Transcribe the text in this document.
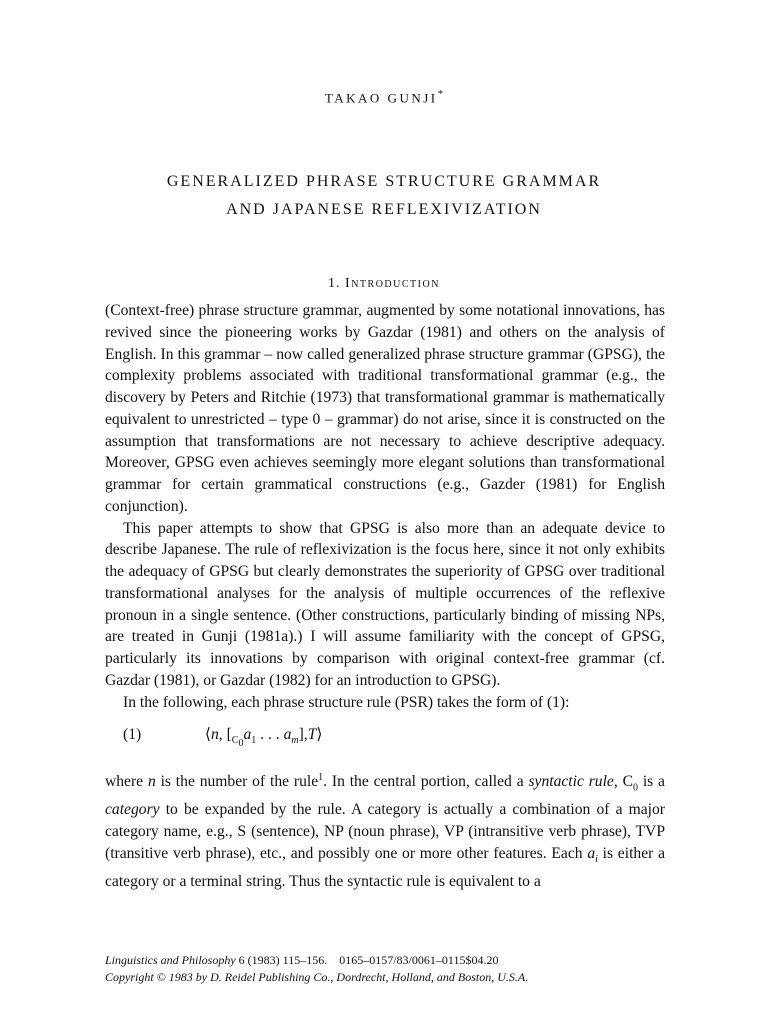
TAKAO GUNJI*
GENERALIZED PHRASE STRUCTURE GRAMMAR
AND JAPANESE REFLEXIVIZATION
1. Introduction

(Context-free) phrase structure grammar, augmented by some notational innovations, has revived since the pioneering works by Gazdar (1981) and others on the analysis of English. In this grammar – now called generalized phrase structure grammar (GPSG), the complexity problems associated with traditional transformational grammar (e.g., the discovery by Peters and Ritchie (1973) that transformational grammar is mathematically equivalent to unrestricted – type 0 – grammar) do not arise, since it is constructed on the assumption that transformations are not necessary to achieve descriptive adequacy. Moreover, GPSG even achieves seemingly more elegant solutions than transformational grammar for certain grammatical constructions (e.g., Gazder (1981) for English conjunction).

This paper attempts to show that GPSG is also more than an adequate device to describe Japanese. The rule of reflexivization is the focus here, since it not only exhibits the adequacy of GPSG but clearly demonstrates the superiority of GPSG over traditional transformational analyses for the analysis of multiple occurrences of the reflexive pronoun in a single sentence. (Other constructions, particularly binding of missing NPs, are treated in Gunji (1981a).) I will assume familiarity with the concept of GPSG, particularly its innovations by comparison with original context-free grammar (cf. Gazdar (1981), or Gazdar (1982) for an introduction to GPSG).

In the following, each phrase structure rule (PSR) takes the form of (1):

(1)	⟨n, [$_{C_0}a_1$ . . . $a_m],T⟩$

where n is the number of the rule$^1$. In the central portion, called a syntactic rule, $C_0$ is a category to be expanded by the rule. A category is actually a combination of a major category name, e.g., S (sentence), NP (noun phrase), VP (intransitive verb phrase), TVP (transitive verb phrase), etc., and possibly one or more other features. Each $a_i$ is either a category or a terminal string. Thus the syntactic rule is equivalent to a

Linguistics and Philosophy 6 (1983) 115–156. 0165–0157/83/0061–0115$04.20
Copyright © 1983 by D. Reidel Publishing Co., Dordrecht, Holland, and Boston, U.S.A.
